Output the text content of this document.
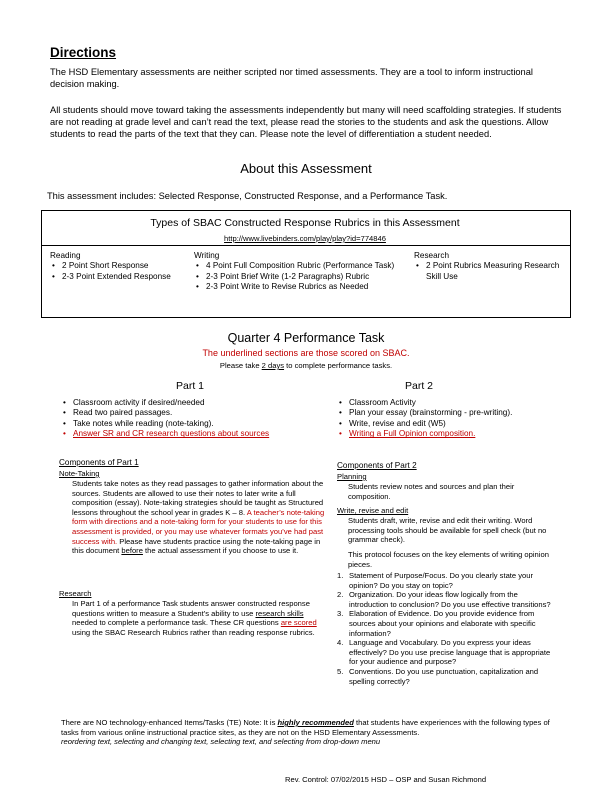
Directions
The HSD Elementary assessments are neither scripted nor timed assessments. They are a tool to inform instructional decision making.
All students should move toward taking the assessments independently but many will need scaffolding strategies. If students are not reading at grade level and can’t read the text, please read the stories to the students and ask the questions. Allow students to read the parts of the text that they can. Please note the level of differentiation a student needed.
About this Assessment
This assessment includes: Selected Response, Constructed Response, and a Performance Task.
Types of SBAC Constructed Response Rubrics in this Assessment
http://www.livebinders.com/play/play?id=774846
Reading
• 2 Point Short Response
• 2-3 Point Extended Response
Writing
• 4 Point Full Composition Rubric (Performance Task)
• 2-3 Point Brief Write (1-2 Paragraphs) Rubric
• 2-3 Point Write to Revise Rubrics as Needed
Research
• 2 Point Rubrics Measuring Research Skill Use
Quarter 4 Performance Task
The underlined sections are those scored on SBAC.
Please take 2 days to complete performance tasks.
Part 1
• Classroom activity if desired/needed
• Read two paired passages.
• Take notes while reading (note-taking).
• Answer SR and CR research questions about sources
Components of Part 1
Note-Taking
Students take notes as they read passages to gather information about the sources. Students are allowed to use their notes to later write a full composition (essay). Note-taking strategies should be taught as Structured lessons throughout the school year in grades K – 8. A teacher’s note-taking form with directions and a note-taking form for your students to use for this assessment is provided, or you may use whatever formats you’ve had past success with. Please have students practice using the note-taking page in this document before the actual assessment if you choose to use it.
Research
In Part 1 of a performance Task students answer constructed response questions written to measure a Student’s ability to use research skills needed to complete a performance task. These CR questions are scored using the SBAC Research Rubrics rather than reading response rubrics.
Part 2
• Classroom Activity
• Plan your essay (brainstorming - pre-writing).
• Write, revise and edit (W5)
• Writing a Full Opinion composition.
Components of Part 2
Planning
Students review notes and sources and plan their composition.
Write, revise and edit
Students draft, write, revise and edit their writing. Word processing tools should be available for spell check (but no grammar check).
This protocol focuses on the key elements of writing opinion pieces.
Statement of Purpose/Focus. Do you clearly state your opinion? Do you stay on topic?
Organization. Do your ideas flow logically from the introduction to conclusion? Do you use effective transitions?
Elaboration of Evidence. Do you provide evidence from sources about your opinions and elaborate with specific information?
Language and Vocabulary. Do you express your ideas effectively? Do you use precise language that is appropriate for your audience and purpose?
Conventions. Do you use punctuation, capitalization and spelling correctly?
There are NO technology-enhanced Items/Tasks (TE) Note: It is highly recommended that students have experiences with the following types of tasks from various online instructional practice sites, as they are not on the HSD Elementary Assessments.
reordering text, selecting and changing text, selecting text, and selecting from drop-down menu
Rev. Control: 07/02/2015 HSD – OSP and Susan Richmond
